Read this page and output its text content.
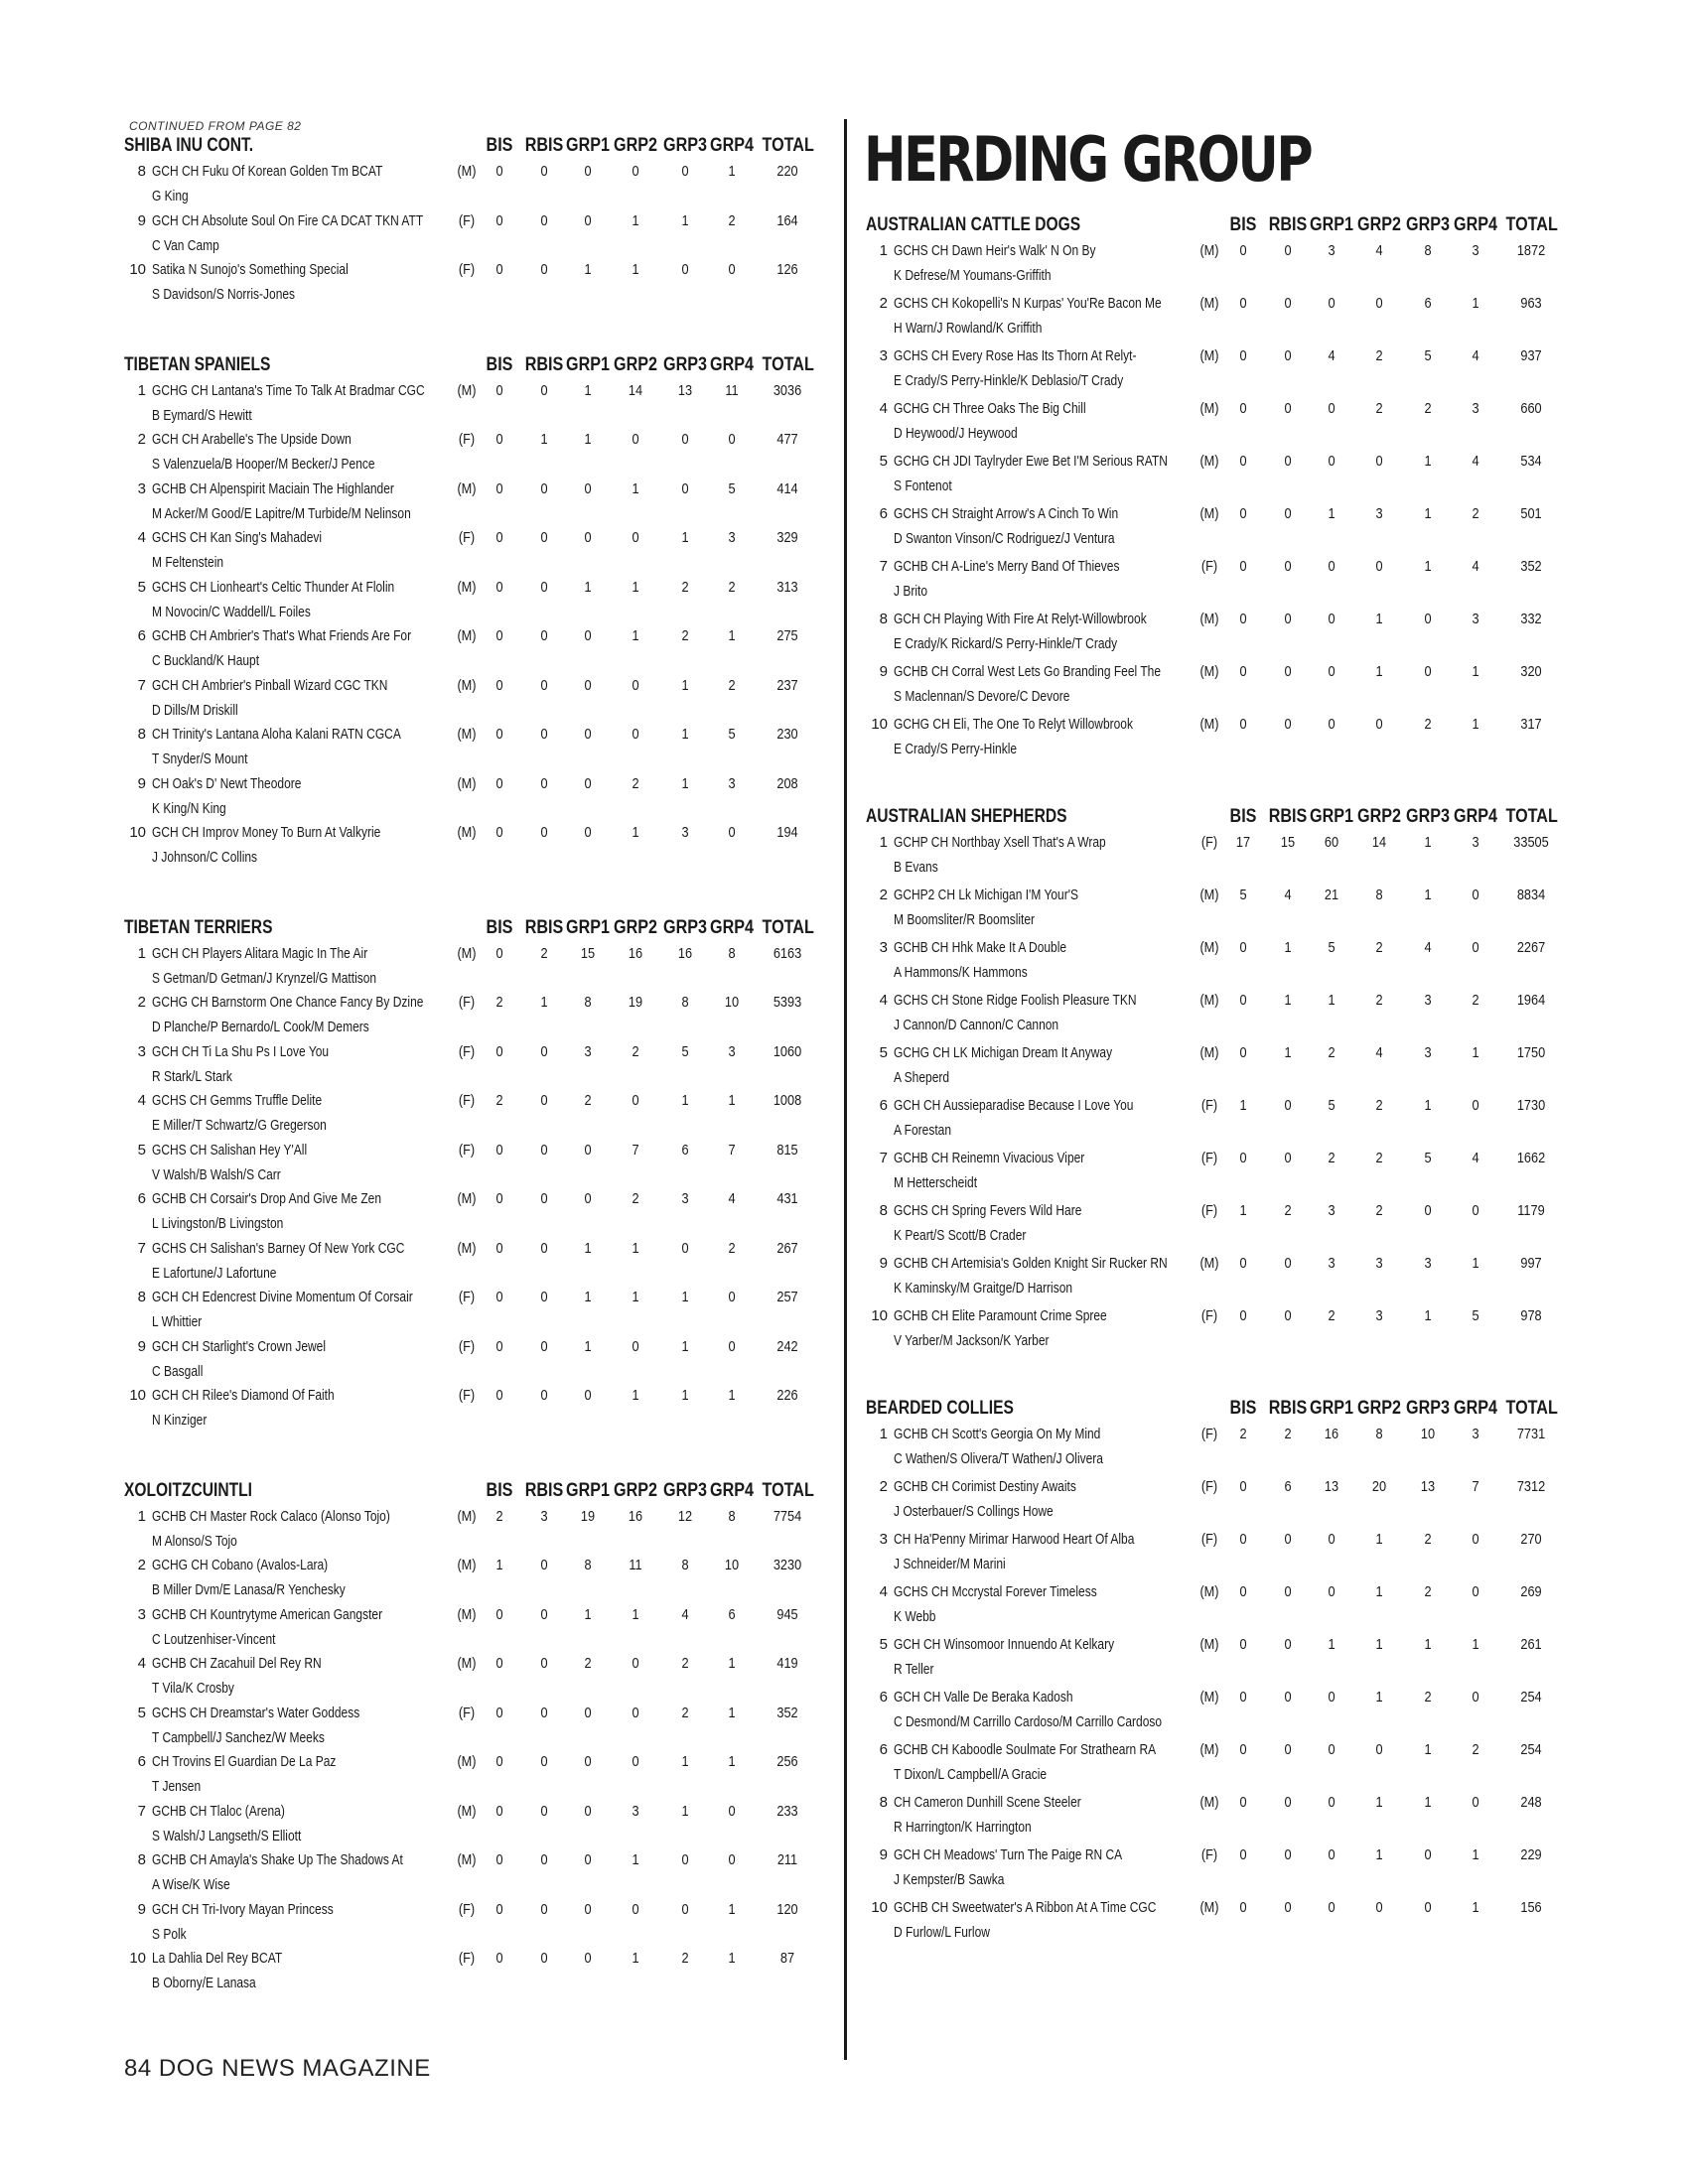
CONTINUED FROM PAGE 82	HERDING GROUP
84 DOG NEWS MAGAZINE
SHIBA INU CONT.	BIS RBIS GRP1 GRP2 GRP3 GRP4 TOTAL
8 GCH CH Fuku Of Korean Golden Tm BCAT
G King
(M)	0	0	0	0	0	1	220
9 GCH CH Absolute Soul On Fire CA DCAT TKN ATT
C Van Camp
(F)	0	0	0	1	1	2	164
10 Satika N Sunojo's Something Special
S Davidson/S Norris-Jones
(F)	0	0	1	1	0	0	126
TIBETAN SPANIELS	BIS RBIS GRP1 GRP2 GRP3 GRP4 TOTAL
1 GCHG CH Lantana's Time To Talk At Bradmar CGC
B Eymard/S Hewitt
(M)	0	0	1	14	13	11	3036
2 GCH CH Arabelle's The Upside Down
S Valenzuela/B Hooper/M Becker/J Pence
(F)	0	1	1	0	0	0	477
3 GCHB CH Alpenspirit Maciain The Highlander
M Acker/M Good/E Lapitre/M Turbide/M Nelinson
(M)	0	0	0	1	0	5	414
4 GCHS CH Kan Sing's Mahadevi
M Feltenstein
(F)	0	0	0	0	1	3	329
5 GCHS CH Lionheart's Celtic Thunder At Flolin
M Novocin/C Waddell/L Foiles
(M)	0	0	1	1	2	2	313
6 GCHB CH Ambrier's That's What Friends Are For
C Buckland/K Haupt
(M)	0	0	0	1	2	1	275
7 GCH CH Ambrier's Pinball Wizard CGC TKN
D Dills/M Driskill
(M)	0	0	0	0	1	2	237
8 CH Trinity's Lantana Aloha Kalani RATN CGCA
T Snyder/S Mount
(M)	0	0	0	0	1	5	230
9 CH Oak's D' Newt Theodore
K King/N King
(M)	0	0	0	2	1	3	208
10 GCH CH Improv Money To Burn At Valkyrie
J Johnson/C Collins
(M)	0	0	0	1	3	0	194
TIBETAN TERRIERS	BIS RBIS GRP1 GRP2 GRP3 GRP4 TOTAL
1 GCH CH Players Alitara Magic In The Air
S Getman/D Getman/J Krynzel/G Mattison
(M)	0	2	15	16	16	8	6163
2 GCHG CH Barnstorm One Chance Fancy By Dzine
D Planche/P Bernardo/L Cook/M Demers
(F)	2	1	8	19	8	10	5393
3 GCH CH Ti La Shu Ps I Love You
R Stark/L Stark
(F)	0	0	3	2	5	3	1060
4 GCHS CH Gemms Truffle Delite
E Miller/T Schwartz/G Gregerson
(F)	2	0	2	0	1	1	1008
5 GCHS CH Salishan Hey Y'All
V Walsh/B Walsh/S Carr
(F)	0	0	0	7	6	7	815
6 GCHB CH Corsair's Drop And Give Me Zen
L Livingston/B Livingston
(M)	0	0	0	2	3	4	431
7 GCHS CH Salishan's Barney Of New York CGC
E Lafortune/J Lafortune
(M)	0	0	1	1	0	2	267
8 GCH CH Edencrest Divine Momentum Of Corsair
L Whittier
(F)	0	0	1	1	1	0	257
9 GCH CH Starlight's Crown Jewel
C Basgall
(F)	0	0	1	0	1	0	242
10 GCH CH Rilee's Diamond Of Faith
N Kinziger
(F)	0	0	0	1	1	1	226
XOLOITZCUINTLI	BIS RBIS GRP1 GRP2 GRP3 GRP4 TOTAL
1 GCHB CH Master Rock Calaco (Alonso Tojo)
M Alonso/S Tojo
(M)	2	3	19	16	12	8	7754
2 GCHG CH Cobano (Avalos-Lara)
B Miller Dvm/E Lanasa/R Yenchesky
(M)	1	0	8	11	8	10	3230
3 GCHB CH Kountrytyme American Gangster
C Loutzenhiser-Vincent
(M)	0	0	1	1	4	6	945
4 GCHB CH Zacahuil Del Rey RN
T Vila/K Crosby
(M)	0	0	2	0	2	1	419
5 GCHS CH Dreamstar's Water Goddess
T Campbell/J Sanchez/W Meeks
(F)	0	0	0	0	2	1	352
6 CH Trovins El Guardian De La Paz
T Jensen
(M)	0	0	0	0	1	1	256
7 GCHB CH Tlaloc (Arena)
S Walsh/J Langseth/S Elliott
(M)	0	0	0	3	1	0	233
8 GCHB CH Amayla's Shake Up The Shadows At
A Wise/K Wise
(M)	0	0	0	1	0	0	211
9 GCH CH Tri-Ivory Mayan Princess
S Polk
(F)	0	0	0	0	0	1	120
10 La Dahlia Del Rey BCAT
B Oborny/E Lanasa
(F)	0	0	0	1	2	1	87
AUSTRALIAN CATTLE DOGS	BIS RBIS GRP1 GRP2 GRP3 GRP4 TOTAL
1 GCHS CH Dawn Heir's Walk' N On By
K Defrese/M Youmans-Griffith
(M)	0	0	3	4	8	3	1872
2 GCHS CH Kokopelli's N Kurpas' You'Re Bacon Me
H Warn/J Rowland/K Griffith
(M)	0	0	0	0	6	1	963
3 GCHS CH Every Rose Has Its Thorn At Relyt-
E Crady/S Perry-Hinkle/K Deblasio/T Crady
(M)	0	0	4	2	5	4	937
4 GCHG CH Three Oaks The Big Chill
D Heywood/J Heywood
(M)	0	0	0	2	2	3	660
5 GCHG CH JDI Taylryder Ewe Bet I'M Serious RATN
S Fontenot
(M)	0	0	0	0	1	4	534
6 GCHS CH Straight Arrow's A Cinch To Win
D Swanton Vinson/C Rodriguez/J Ventura
(M)	0	0	1	3	1	2	501
7 GCHB CH A-Line's Merry Band Of Thieves
J Brito
(F)	0	0	0	0	1	4	352
8 GCH CH Playing With Fire At Relyt-Willowbrook
E Crady/K Rickard/S Perry-Hinkle/T Crady
(M)	0	0	0	1	0	3	332
9 GCHB CH Corral West Lets Go Branding Feel The
S Maclennan/S Devore/C Devore
(M)	0	0	0	1	0	1	320
10 GCHG CH Eli, The One To Relyt Willowbrook
E Crady/S Perry-Hinkle
(M)	0	0	0	0	2	1	317
AUSTRALIAN SHEPHERDS	BIS RBIS GRP1 GRP2 GRP3 GRP4 TOTAL
1 GCHP CH Northbay Xsell That's A Wrap
B Evans
(F)	17	15	60	14	1	3	33505
2 GCHP2 CH Lk Michigan I'M Your'S
M Boomsliter/R Boomsliter
(M)	5	4	21	8	1	0	8834
3 GCHB CH Hhk Make It A Double
A Hammons/K Hammons
(M)	0	1	5	2	4	0	2267
4 GCHS CH Stone Ridge Foolish Pleasure TKN
J Cannon/D Cannon/C Cannon
(M)	0	1	1	2	3	2	1964
5 GCHG CH LK Michigan Dream It Anyway
A Sheperd
(M)	0	1	2	4	3	1	1750
6 GCH CH Aussieparadise Because I Love You
A Forestan
(F)	1	0	5	2	1	0	1730
7 GCHB CH Reinemn Vivacious Viper
M Hetterscheidt
(F)	0	0	2	2	5	4	1662
8 GCHS CH Spring Fevers Wild Hare
K Peart/S Scott/B Crader
(F)	1	2	3	2	0	0	1179
9 GCHB CH Artemisia's Golden Knight Sir Rucker RN
K Kaminsky/M Graitge/D Harrison
(M)	0	0	3	3	3	1	997
10 GCHB CH Elite Paramount Crime Spree
V Yarber/M Jackson/K Yarber
(F)	0	0	2	3	1	5	978
BEARDED COLLIES	BIS RBIS GRP1 GRP2 GRP3 GRP4 TOTAL
1 GCHB CH Scott's Georgia On My Mind
C Wathen/S Olivera/T Wathen/J Olivera
(F)	2	2	16	8	10	3	7731
2 GCHB CH Corimist Destiny Awaits
J Osterbauer/S Collings Howe
(F)	0	6	13	20	13	7	7312
3 CH Ha'Penny Mirimar Harwood Heart Of Alba
J Schneider/M Marini
(F)	0	0	0	1	2	0	270
4 GCHS CH Mccrystal Forever Timeless
K Webb
(M)	0	0	0	1	2	0	269
5 GCH CH Winsomoor Innuendo At Kelkary
R Teller
(M)	0	0	1	1	1	1	261
6 GCH CH Valle De Beraka Kadosh
C Desmond/M Carrillo Cardoso/M Carrillo Cardoso
(M)	0	0	0	1	2	0	254
6 GCHB CH Kaboodle Soulmate For Strathearn RA
T Dixon/L Campbell/A Gracie
(M)	0	0	0	0	1	2	254
8 CH Cameron Dunhill Scene Steeler
R Harrington/K Harrington
(M)	0	0	0	1	1	0	248
9 GCH CH Meadows' Turn The Paige RN CA
J Kempster/B Sawka
(F)	0	0	0	1	0	1	229
10 GCHB CH Sweetwater's A Ribbon At A Time CGC
D Furlow/L Furlow
(M)	0	0	0	0	0	1	156
